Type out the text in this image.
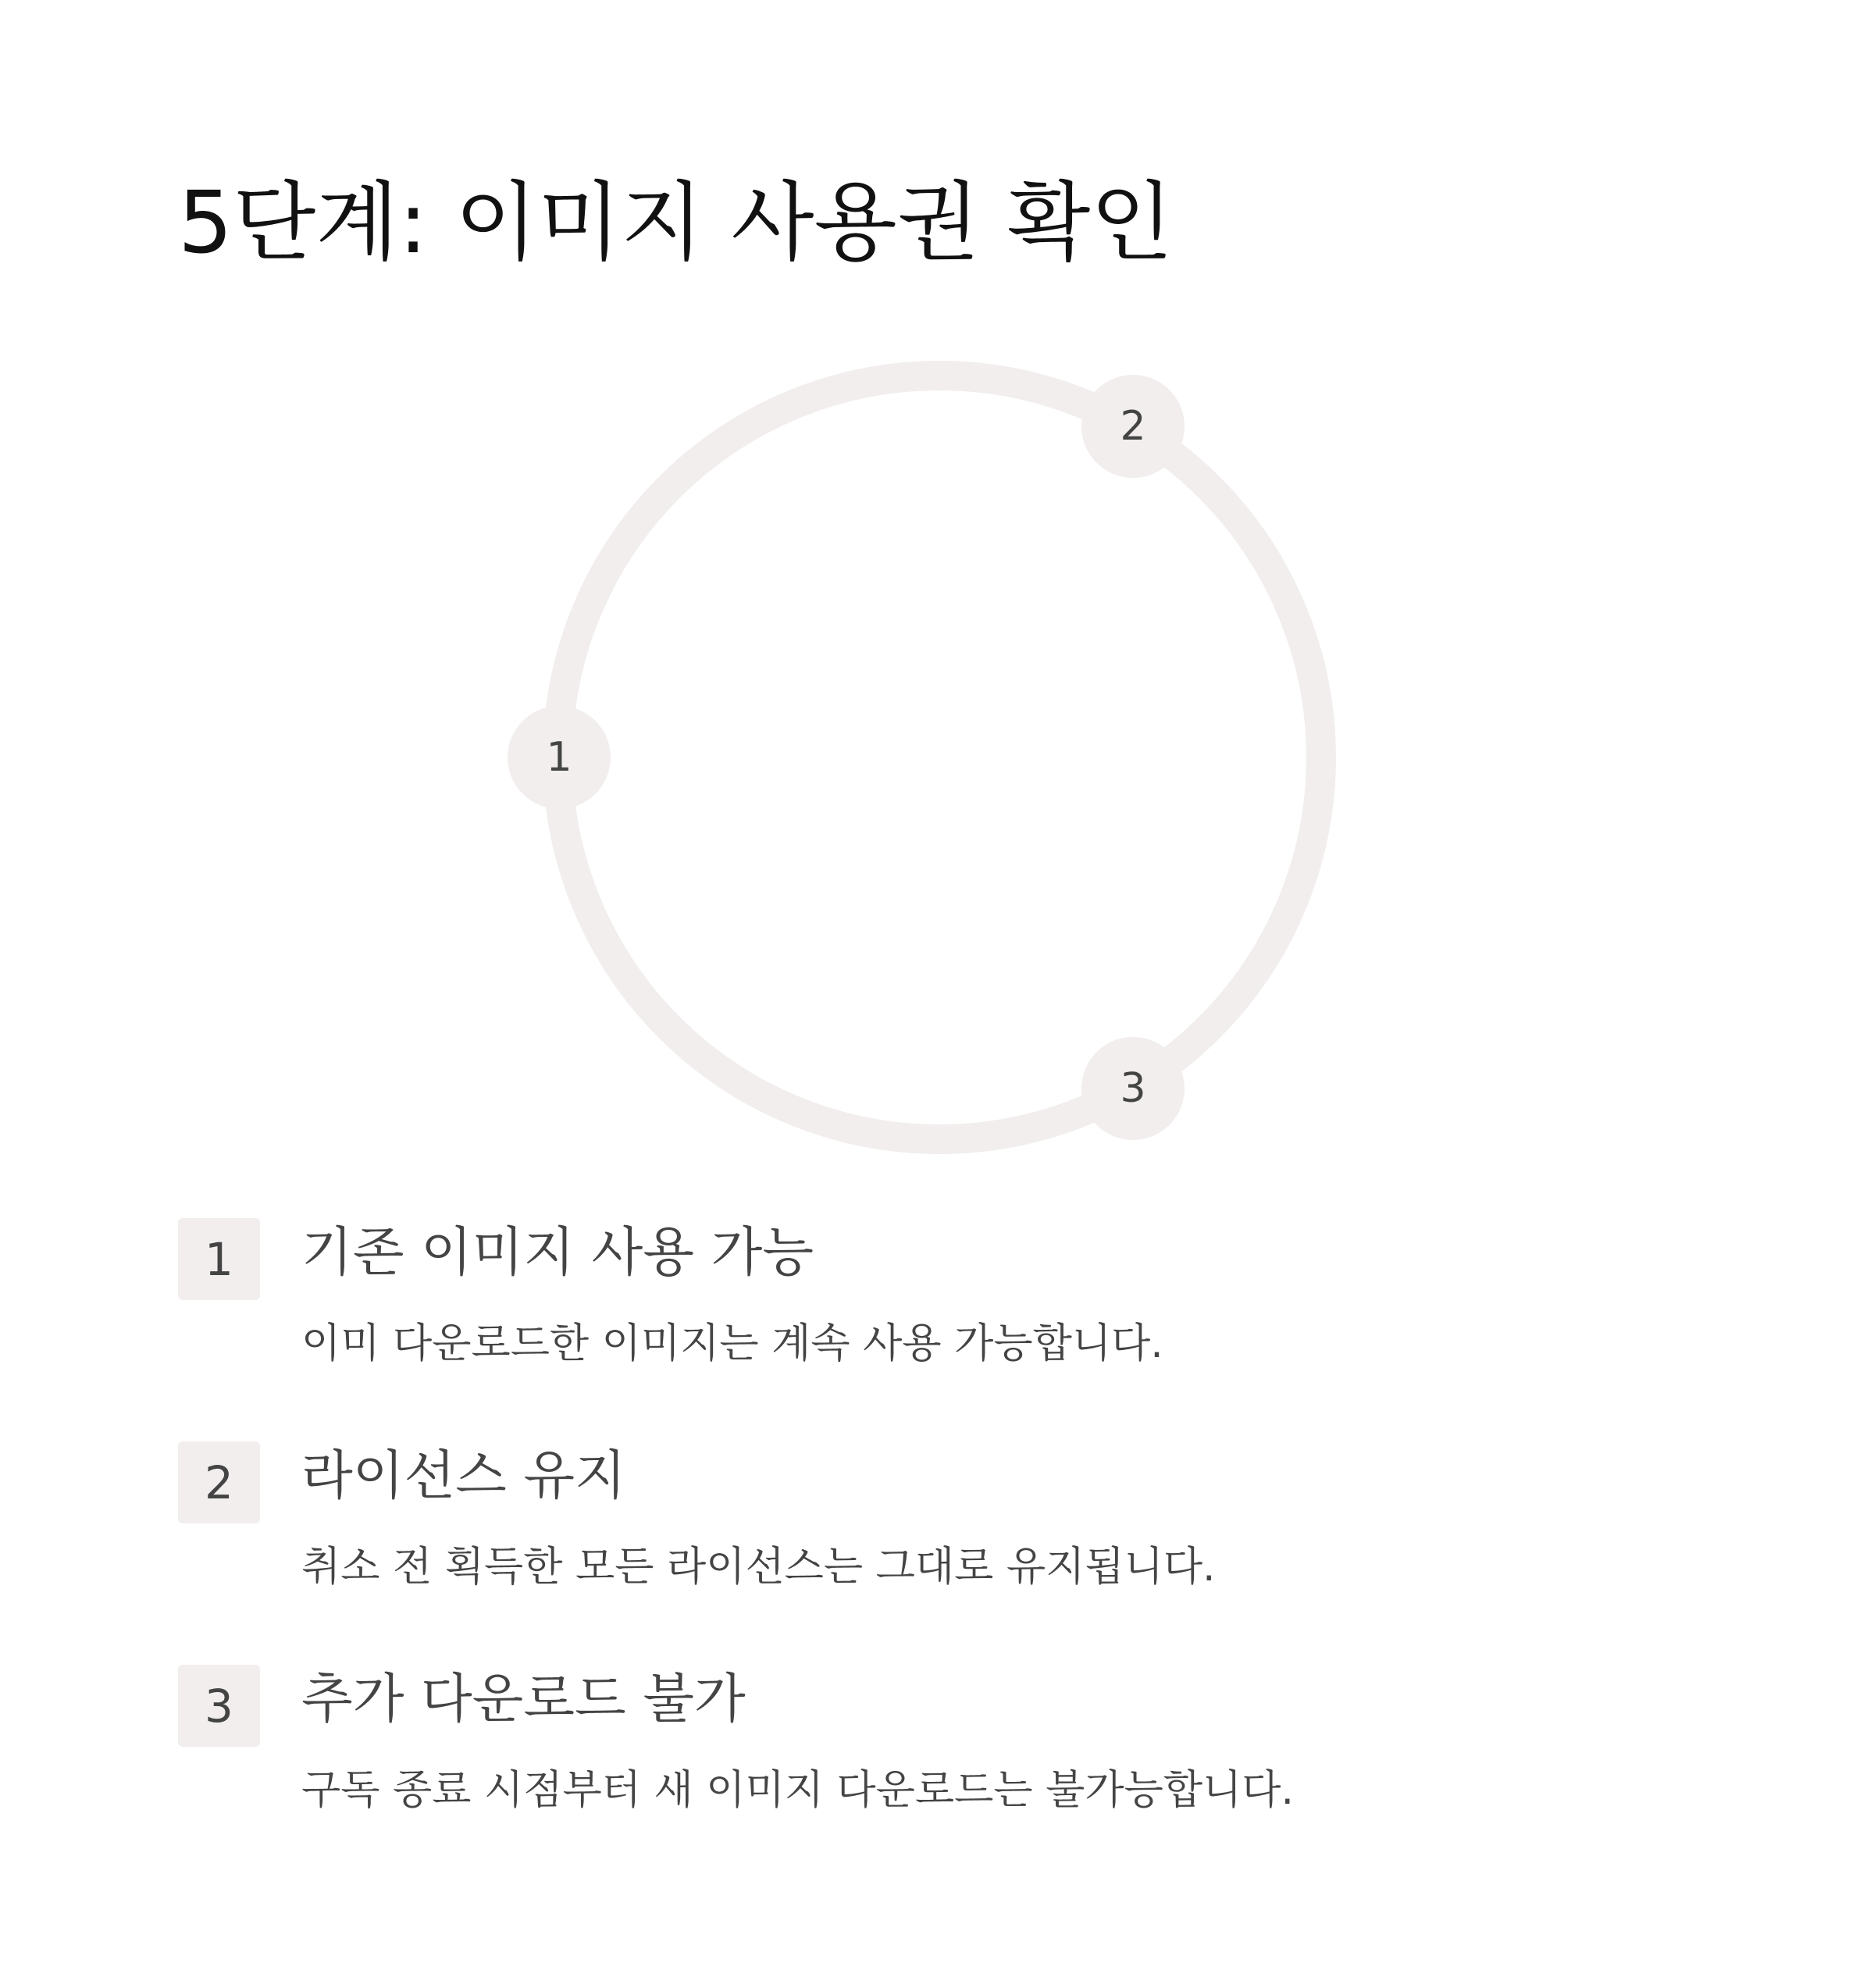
5단계: 이미지 사용권 확인
1
2
3
1	기존 이미지 사용 가능

이미 다운로드한 이미지는 계속 사용 가능합니다.

2	라이선스 유지

취소 전 획득한 모든 라이선스는 그대로 유지됩니다.

3	추가 다운로드 불가

구독 종료 시점부터 새 이미지 다운로드는 불가능합니다.
